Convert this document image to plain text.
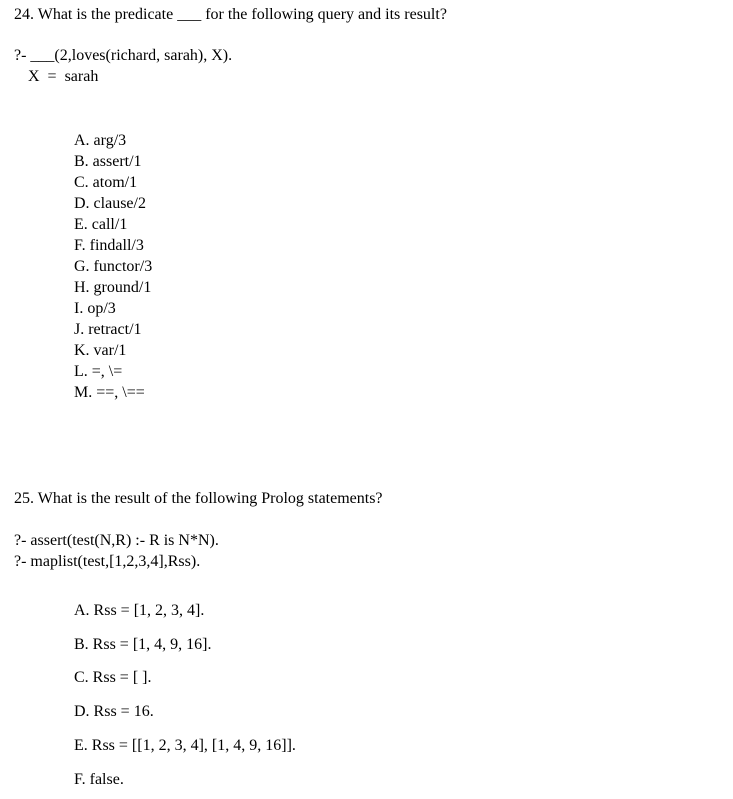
24. What is the predicate ___ for the following query and its result?
?- ___(2,loves(richard, sarah), X).
X  =  sarah
A. arg/3
B. assert/1
C. atom/1
D. clause/2
E. call/1
F. findall/3
G. functor/3
H. ground/1
I. op/3
J. retract/1
K. var/1
L. =, \=
M. ==, \==
25. What is the result of the following Prolog statements?
?- assert(test(N,R) :- R is N*N).
?- maplist(test,[1,2,3,4],Rss).
A. Rss = [1, 2, 3, 4].
B. Rss = [1, 4, 9, 16].
C. Rss = [ ].
D. Rss = 16.
E. Rss = [[1, 2, 3, 4], [1, 4, 9, 16]].
F. false.
